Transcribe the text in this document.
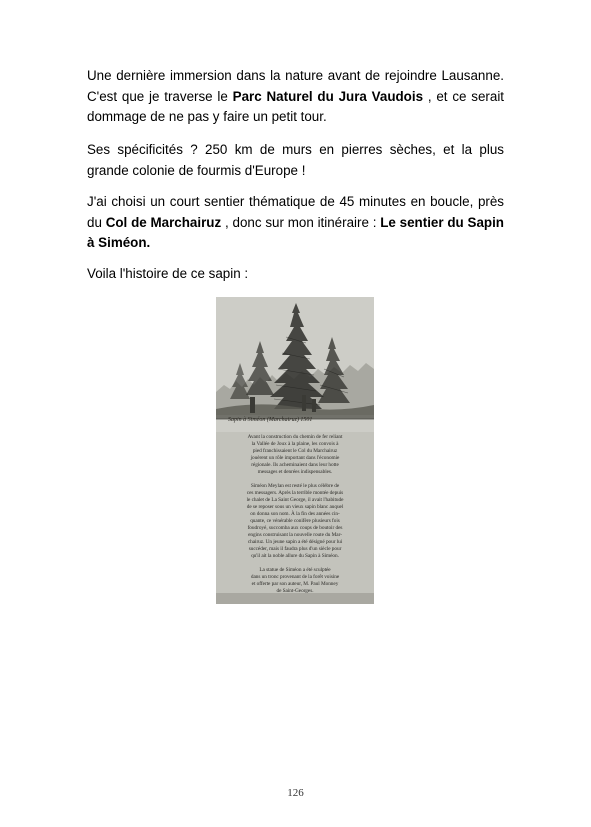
Une dernière immersion dans la nature avant de rejoindre Lausanne. C'est que je traverse le Parc Naturel du Jura Vaudois , et ce serait dommage de ne pas y faire un petit tour.

Ses spécificités ? 250 km de murs en pierres sèches, et la plus grande colonie de fourmis d'Europe !

J'ai choisi un court sentier thématique de 45 minutes en boucle, près du Col de Marchairuz , donc sur mon itinéraire : Le sentier du Sapin à Siméon.

Voila l'histoire de ce sapin :

Sapin à Siméon (Marchairuz) 1501
Avant la construction du chemin de fer reliant
la Vallée de Joux à la plaine, les convois à
pied franchissaient le Col du Marchairuz
jouèrent un rôle important dans l'économie
régionale. Ils acheminaient dans leur hotte
messages et denrées indispensables.
Siméon Meylan est resté le plus célèbre de
ces messagers. Après la terrible montée depuis
le chalet de La Saint George, il avait l'habitude
de se reposer sous un vieux sapin blanc auquel
on donna son nom. À la fin des années cin-
quante, ce vénérable conifère plusieurs fois
foudroyé, succomba aux coups de boutoir des
engins construisant la nouvelle route du Mar-
chairuz. Un jeune sapin a été désigné pour lui
succéder, mais il faudra plus d'un siècle pour
qu'il ait la noble allure du Sapin à Siméon.
La statue de Siméon a été sculptée
dans un tronc provenant de la forêt voisine
et offerte par son auteur, M. Paul Monney
de Saint-Georges.
126
